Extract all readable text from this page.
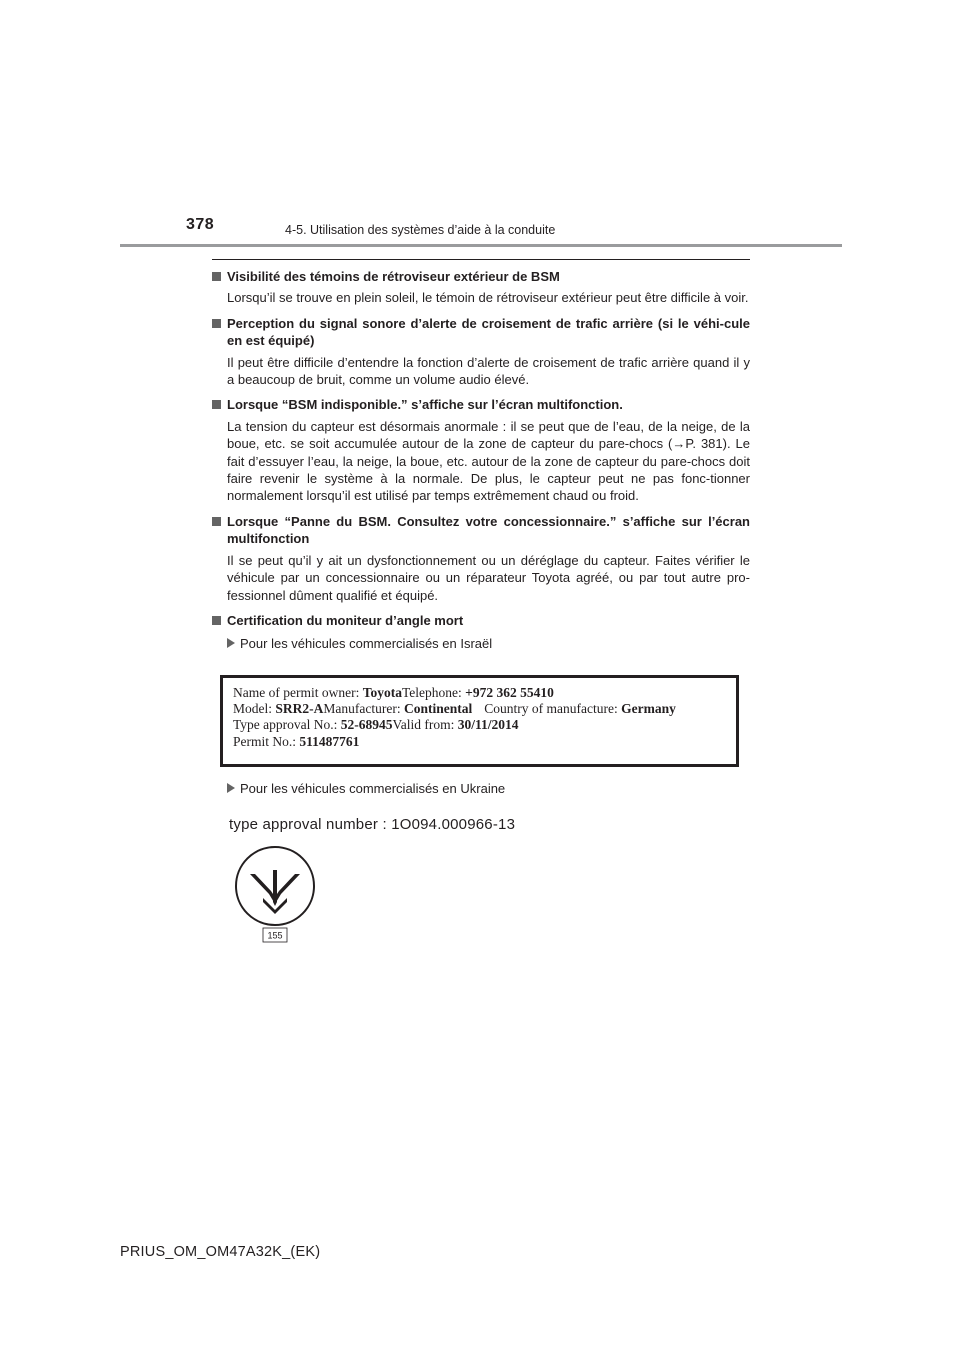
378	4-5. Utilisation des systèmes d’aide à la conduite
Visibilité des témoins de rétroviseur extérieur de BSM

Lorsqu’il se trouve en plein soleil, le témoin de rétroviseur extérieur peut être difficile à voir.

Perception du signal sonore d’alerte de croisement de trafic arrière (si le véhi-cule en est équipé)

Il peut être difficile d’entendre la fonction d’alerte de croisement de trafic arrière quand il y a beaucoup de bruit, comme un volume audio élevé.

Lorsque “BSM indisponible.” s’affiche sur l’écran multifonction.

La tension du capteur est désormais anormale : il se peut que de l’eau, de la neige, de la boue, etc. se soit accumulée autour de la zone de capteur du pare-chocs (→P. 381). Le fait d’essuyer l’eau, la neige, la boue, etc. autour de la zone de capteur du pare-chocs doit faire revenir le système à la normale. De plus, le capteur peut ne pas fonc-tionner normalement lorsqu’il est utilisé par temps extrêmement chaud ou froid.

Lorsque “Panne du BSM. Consultez votre concessionnaire.” s’affiche sur l’écran multifonction

Il se peut qu’il y ait un dysfonctionnement ou un déréglage du capteur. Faites vérifier le véhicule par un concessionnaire ou un réparateur Toyota agréé, ou par tout autre pro-fessionnel dûment qualifié et équipé.

Certification du moniteur d’angle mort
Pour les véhicules commercialisés en Israël
Name of permit owner: ToyotaTelephone: +972 362 55410
Model: SRR2-AManufacturer: Continental Country of manufacture: Germany
Type approval No.: 52-68945Valid from: 30/11/2014
Permit No.: 511487761
Pour les véhicules commercialisés en Ukraine
type approval number : 1O094.000966-13
155
PRIUS_OM_OM47A32K_(EK)
